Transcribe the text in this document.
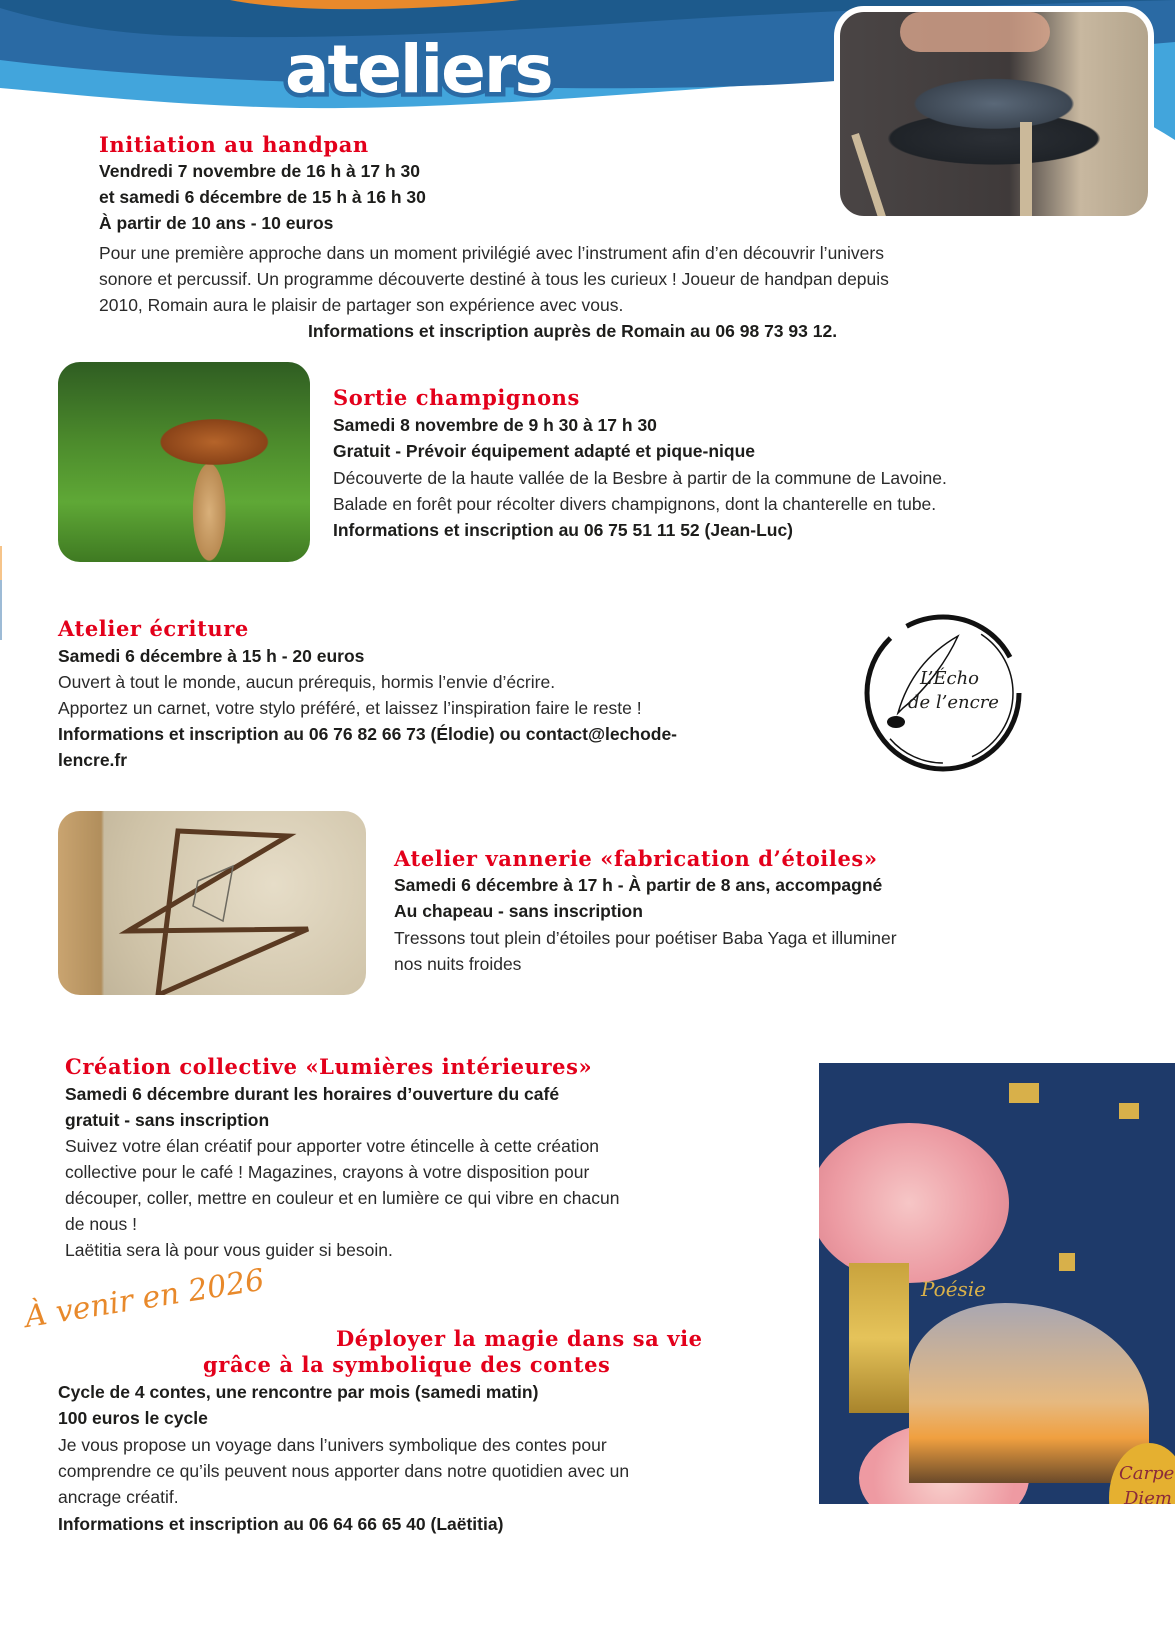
ateliers
Initiation au handpan
Vendredi 7 novembre de 16 h à 17 h 30
et samedi 6 décembre de 15 h à 16 h 30
À partir de 10 ans - 10 euros
Pour une première approche dans un moment privilégié avec l’instrument afin d’en découvrir l’univers
sonore et percussif. Un programme découverte destiné à tous les curieux ! Joueur de handpan depuis
2010, Romain aura le plaisir de partager son expérience avec vous.
Informations et inscription auprès de Romain au 06 98 73 93 12.
Sortie champignons
Samedi 8 novembre de 9 h 30 à 17 h 30
Gratuit - Prévoir équipement adapté et pique-nique
Découverte de la haute vallée de la Besbre à partir de la commune de Lavoine.
Balade en forêt pour récolter divers champignons, dont la chanterelle en tube.
Informations et inscription au 06 75 51 11 52 (Jean-Luc)
Atelier écriture
Samedi 6 décembre à 15 h - 20 euros
Ouvert à tout le monde, aucun prérequis, hormis l’envie d’écrire.
Apportez un carnet, votre stylo préféré, et laissez l’inspiration faire le reste !
Informations et inscription au 06 76 82 66 73 (Élodie) ou contact@lechode-
lencre.fr
L’Écho
de l’encre
Atelier vannerie «fabrication d’étoiles»
Samedi 6 décembre à 17 h - À partir de 8 ans, accompagné
Au chapeau - sans inscription
Tressons tout plein d’étoiles pour poétiser Baba Yaga et illuminer
nos nuits froides
Création collective «Lumières intérieures»
Samedi 6 décembre durant les horaires d’ouverture du café
gratuit - sans inscription
Suivez votre élan créatif pour apporter votre étincelle à cette création
collective pour le café ! Magazines, crayons à votre disposition pour
découper, coller, mettre en couleur et en lumière ce qui vibre en chacun
de nous !
Laëtitia sera là pour vous guider si besoin.
Poésie
Carpe
Diem
À venir en 2026
Déployer la magie dans sa vie
grâce à la symbolique des contes
Cycle de 4 contes, une rencontre par mois (samedi matin)
100 euros le cycle
Je vous propose un voyage dans l’univers symbolique des contes pour
comprendre ce qu’ils peuvent nous apporter dans notre quotidien avec un
ancrage créatif.
Informations et inscription au 06 64 66 65 40 (Laëtitia)
